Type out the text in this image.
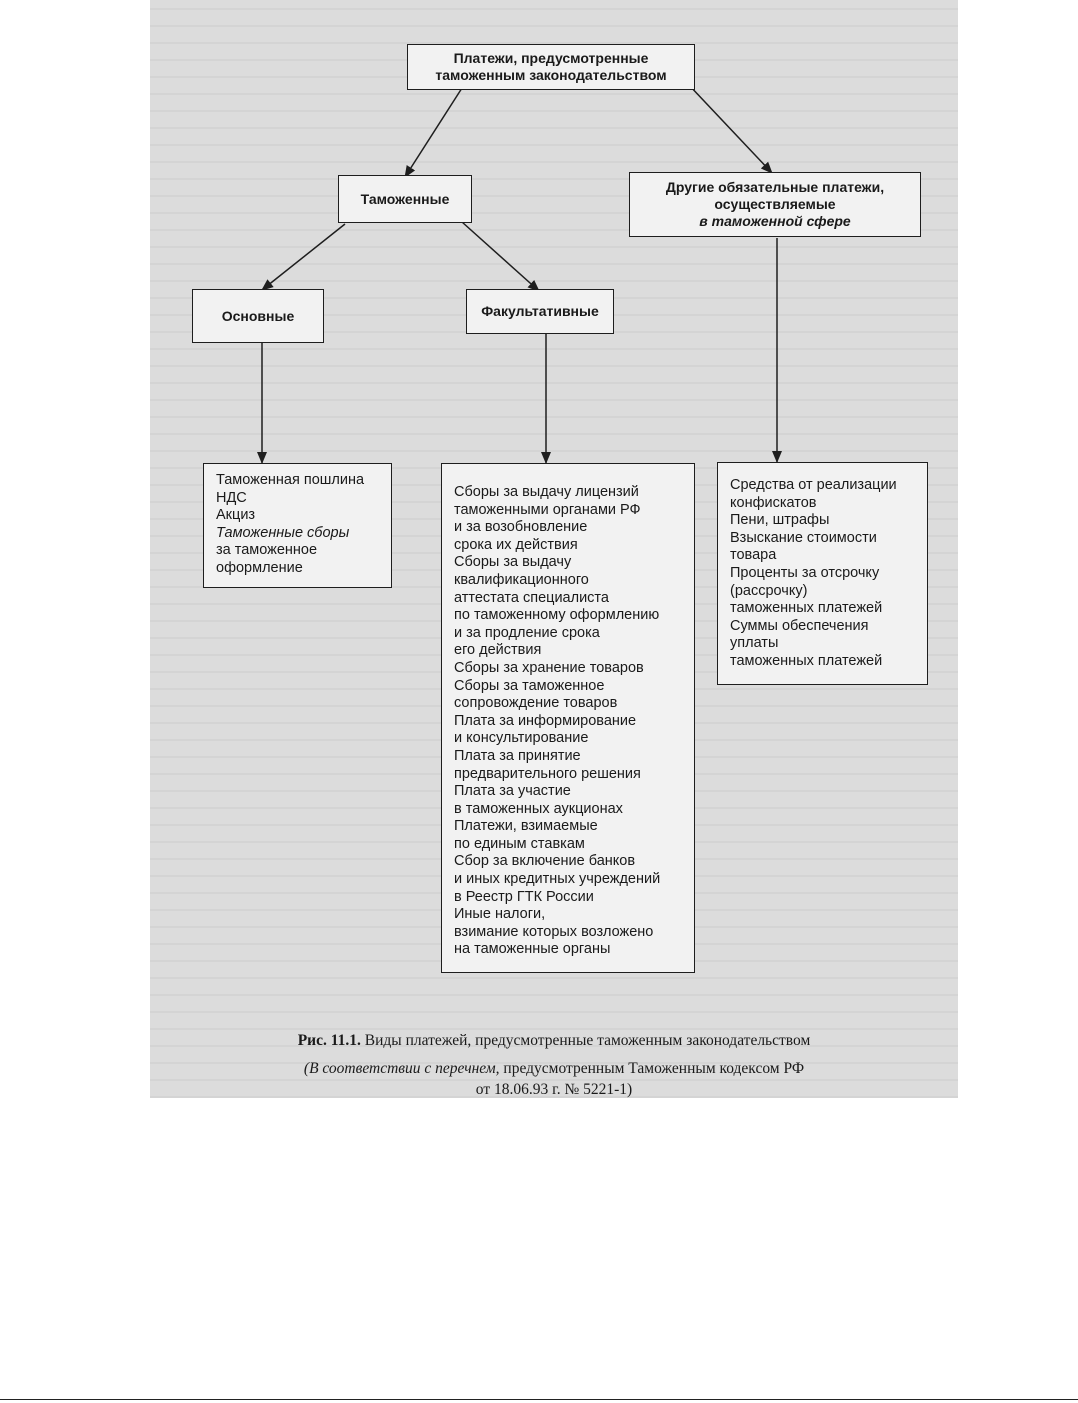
Платежи, предусмотренные
таможенным законодательством
Таможенные
Другие обязательные платежи,
осуществляемые
в таможенной сфере
Основные	Факультативные
Таможенная пошлина
НДС
Акциз
Таможенные сборы
за таможенное
оформление
Сборы за выдачу лицензий
таможенными органами РФ
и за возобновление
срока их действия
Сборы за выдачу
квалификационного
аттестата специалиста
по таможенному оформлению
и за продление срока
его действия
Сборы за хранение товаров
Сборы за таможенное
сопровождение товаров
Плата за информирование
и консультирование
Плата за принятие
предварительного решения
Плата за участие
в таможенных аукционах
Платежи, взимаемые
по единым ставкам
Сбор за включение банков
и иных кредитных учреждений
в Реестр ГТК России
Иные налоги,
взимание которых возложено
на таможенные органы
Средства от реализации
конфискатов
Пени, штрафы
Взыскание стоимости
товара
Проценты за отсрочку
(рассрочку)
таможенных платежей
Суммы обеспечения
уплаты
таможенных платежей
Рис. 11.1. Виды платежей, предусмотренные таможенным законодательством
(В соответствии с перечнем, предусмотренным Таможенным кодексом РФ
от 18.06.93 г. № 5221-1)
